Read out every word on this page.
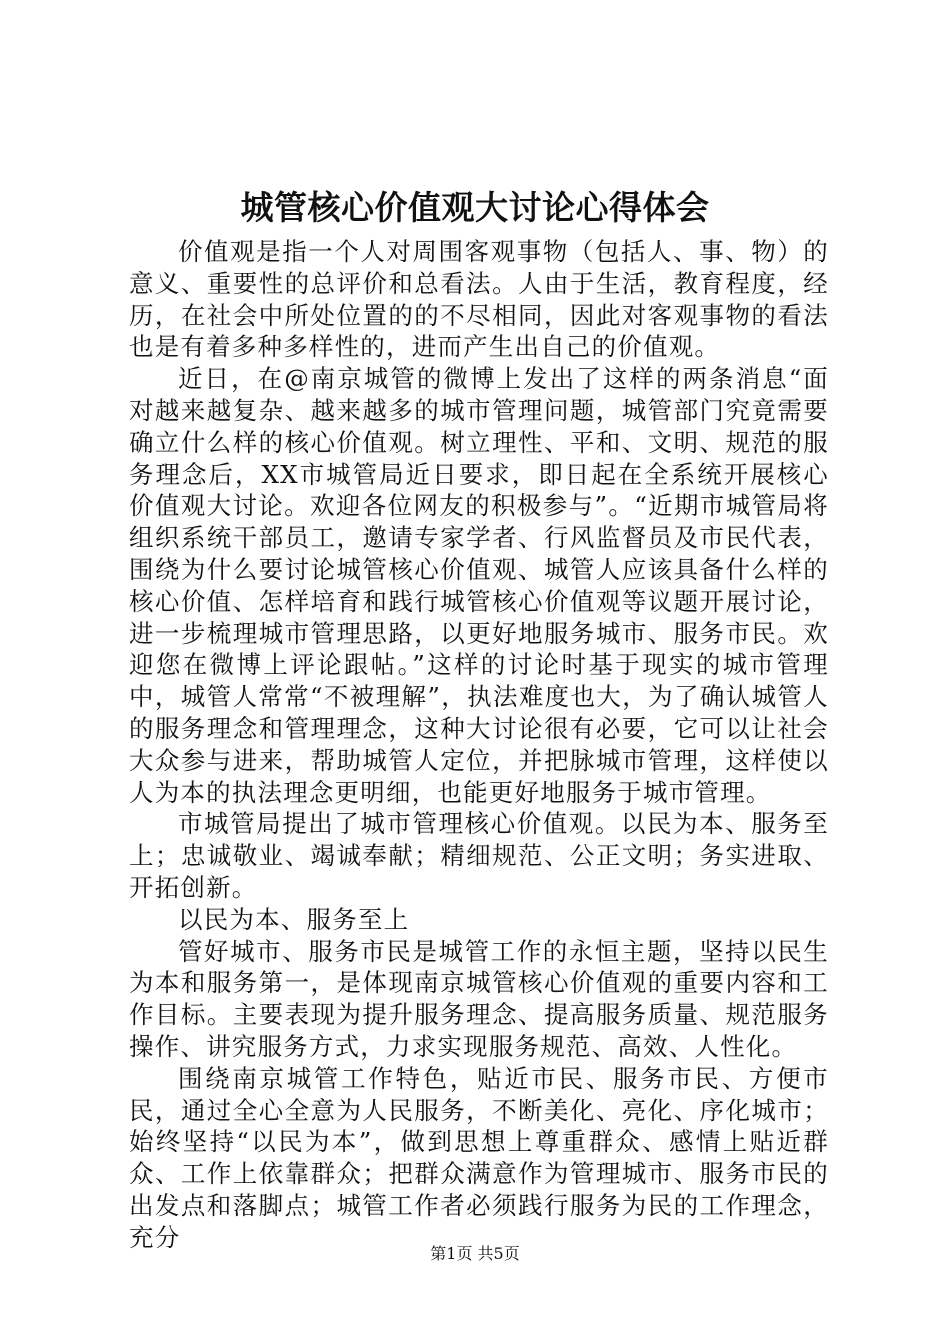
城管核心价值观大讨论心得体会

价值观是指一个人对周围客观事物（包括人、事、物）的意义、重要性的总评价和总看法。人由于生活，教育程度，经历，在社会中所处位置的的不尽相同，因此对客观事物的看法也是有着多种多样性的，进而产生出自己的价值观。

近日，在@南京城管的微博上发出了这样的两条消息“面对越来越复杂、越来越多的城市管理问题，城管部门究竟需要确立什么样的核心价值观。树立理性、平和、文明、规范的服务理念后，XX市城管局近日要求，即日起在全系统开展核心价值观大讨论。欢迎各位网友的积极参与”。“近期市城管局将组织系统干部员工，邀请专家学者、行风监督员及市民代表，围绕为什么要讨论城管核心价值观、城管人应该具备什么样的核心价值、怎样培育和践行城管核心价值观等议题开展讨论，进一步梳理城市管理思路，以更好地服务城市、服务市民。欢迎您在微博上评论跟帖。”这样的讨论时基于现实的城市管理中，城管人常常“不被理解”，执法难度也大，为了确认城管人的服务理念和管理理念，这种大讨论很有必要，它可以让社会大众参与进来，帮助城管人定位，并把脉城市管理，这样使以人为本的执法理念更明细，也能更好地服务于城市管理。

市城管局提出了城市管理核心价值观。以民为本、服务至上；忠诚敬业、竭诚奉献；精细规范、公正文明；务实进取、开拓创新。

以民为本、服务至上

管好城市、服务市民是城管工作的永恒主题，坚持以民生为本和服务第一，是体现南京城管核心价值观的重要内容和工作目标。主要表现为提升服务理念、提高服务质量、规范服务操作、讲究服务方式，力求实现服务规范、高效、人性化。

围绕南京城管工作特色，贴近市民、服务市民、方便市民，通过全心全意为人民服务，不断美化、亮化、序化城市；始终坚持“以民为本”，做到思想上尊重群众、感情上贴近群众、工作上依靠群众；把群众满意作为管理城市、服务市民的出发点和落脚点；城管工作者必须践行服务为民的工作理念，充分

第1页 共5页
